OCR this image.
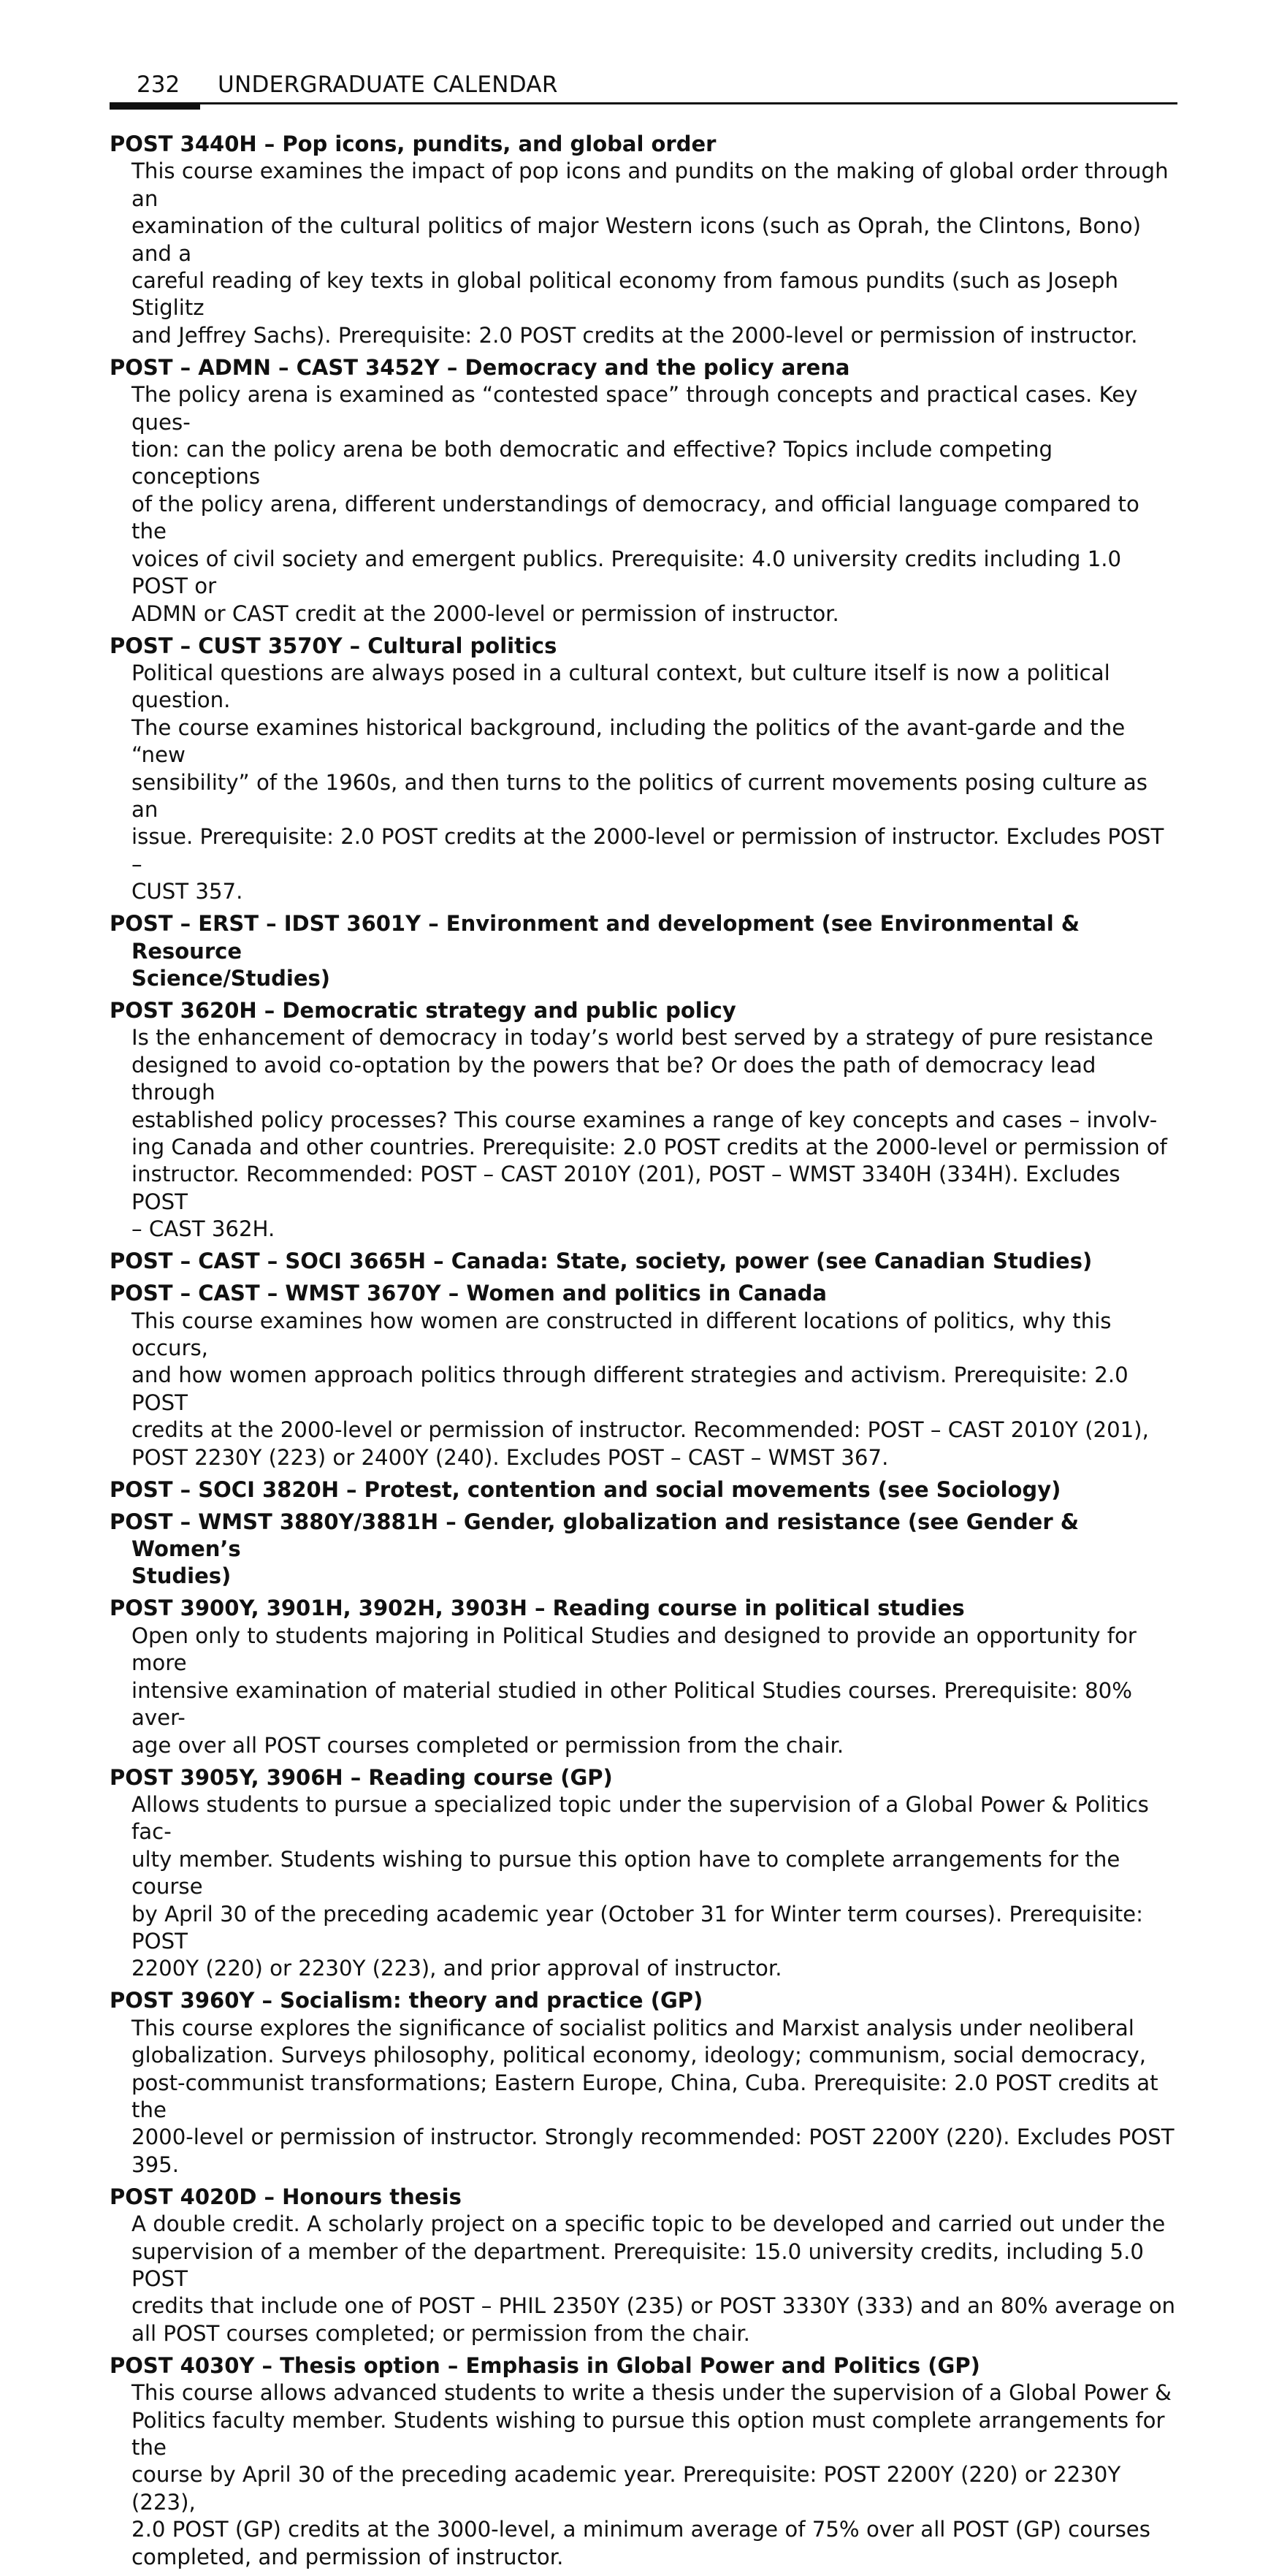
232 UNDERGRADUATE CALENDAR

POST 3440H – Pop icons, pundits, and global order

This course examines the impact of pop icons and pundits on the making of global order through an
examination of the cultural politics of major Western icons (such as Oprah, the Clintons, Bono) and a
careful reading of key texts in global political economy from famous pundits (such as Joseph Stiglitz
and Jeffrey Sachs). Prerequisite: 2.0 POST credits at the 2000-level or permission of instructor.

POST – ADMN – CAST 3452Y – Democracy and the policy arena

The policy arena is examined as “contested space” through concepts and practical cases. Key ques-
tion: can the policy arena be both democratic and effective? Topics include competing conceptions
of the policy arena, different understandings of democracy, and official language compared to the
voices of civil society and emergent publics. Prerequisite: 4.0 university credits including 1.0 POST or
ADMN or CAST credit at the 2000-level or permission of instructor.

POST – CUST 3570Y – Cultural politics

Political questions are always posed in a cultural context, but culture itself is now a political question.
The course examines historical background, including the politics of the avant-garde and the “new
sensibility” of the 1960s, and then turns to the politics of current movements posing culture as an
issue. Prerequisite: 2.0 POST credits at the 2000-level or permission of instructor. Excludes POST –
CUST 357.

POST – ERST – IDST 3601Y – Environment and development (see Environmental & Resource
Science/Studies)

POST 3620H – Democratic strategy and public policy

Is the enhancement of democracy in today’s world best served by a strategy of pure resistance
designed to avoid co-optation by the powers that be? Or does the path of democracy lead through
established policy processes? This course examines a range of key concepts and cases – involv-
ing Canada and other countries. Prerequisite: 2.0 POST credits at the 2000-level or permission of
instructor. Recommended: POST – CAST 2010Y (201), POST – WMST 3340H (334H). Excludes POST
– CAST 362H.

POST – CAST – SOCI 3665H – Canada: State, society, power (see Canadian Studies)

POST – CAST – WMST 3670Y – Women and politics in Canada

This course examines how women are constructed in different locations of politics, why this occurs,
and how women approach politics through different strategies and activism. Prerequisite: 2.0 POST
credits at the 2000-level or permission of instructor. Recommended: POST – CAST 2010Y (201),
POST 2230Y (223) or 2400Y (240). Excludes POST – CAST – WMST 367.

POST – SOCI 3820H – Protest, contention and social movements (see Sociology)

POST – WMST 3880Y/3881H – Gender, globalization and resistance (see Gender & Women’s
Studies)

POST 3900Y, 3901H, 3902H, 3903H – Reading course in political studies

Open only to students majoring in Political Studies and designed to provide an opportunity for more
intensive examination of material studied in other Political Studies courses. Prerequisite: 80% aver-
age over all POST courses completed or permission from the chair.

POST 3905Y, 3906H – Reading course (GP)

Allows students to pursue a specialized topic under the supervision of a Global Power & Politics fac-
ulty member. Students wishing to pursue this option have to complete arrangements for the course
by April 30 of the preceding academic year (October 31 for Winter term courses). Prerequisite: POST
2200Y (220) or 2230Y (223), and prior approval of instructor.

POST 3960Y – Socialism: theory and practice (GP)

This course explores the significance of socialist politics and Marxist analysis under neoliberal
globalization. Surveys philosophy, political economy, ideology; communism, social democracy,
post-communist transformations; Eastern Europe, China, Cuba. Prerequisite: 2.0 POST credits at the
2000-level or permission of instructor. Strongly recommended: POST 2200Y (220). Excludes POST
395.

POST 4020D – Honours thesis

A double credit. A scholarly project on a specific topic to be developed and carried out under the
supervision of a member of the department. Prerequisite: 15.0 university credits, including 5.0 POST
credits that include one of POST – PHIL 2350Y (235) or POST 3330Y (333) and an 80% average on
all POST courses completed; or permission from the chair.

POST 4030Y – Thesis option – Emphasis in Global Power and Politics (GP)

This course allows advanced students to write a thesis under the supervision of a Global Power &
Politics faculty member. Students wishing to pursue this option must complete arrangements for the
course by April 30 of the preceding academic year. Prerequisite: POST 2200Y (220) or 2230Y (223),
2.0 POST (GP) credits at the 3000-level, a minimum average of 75% over all POST (GP) courses
completed, and permission of instructor.
